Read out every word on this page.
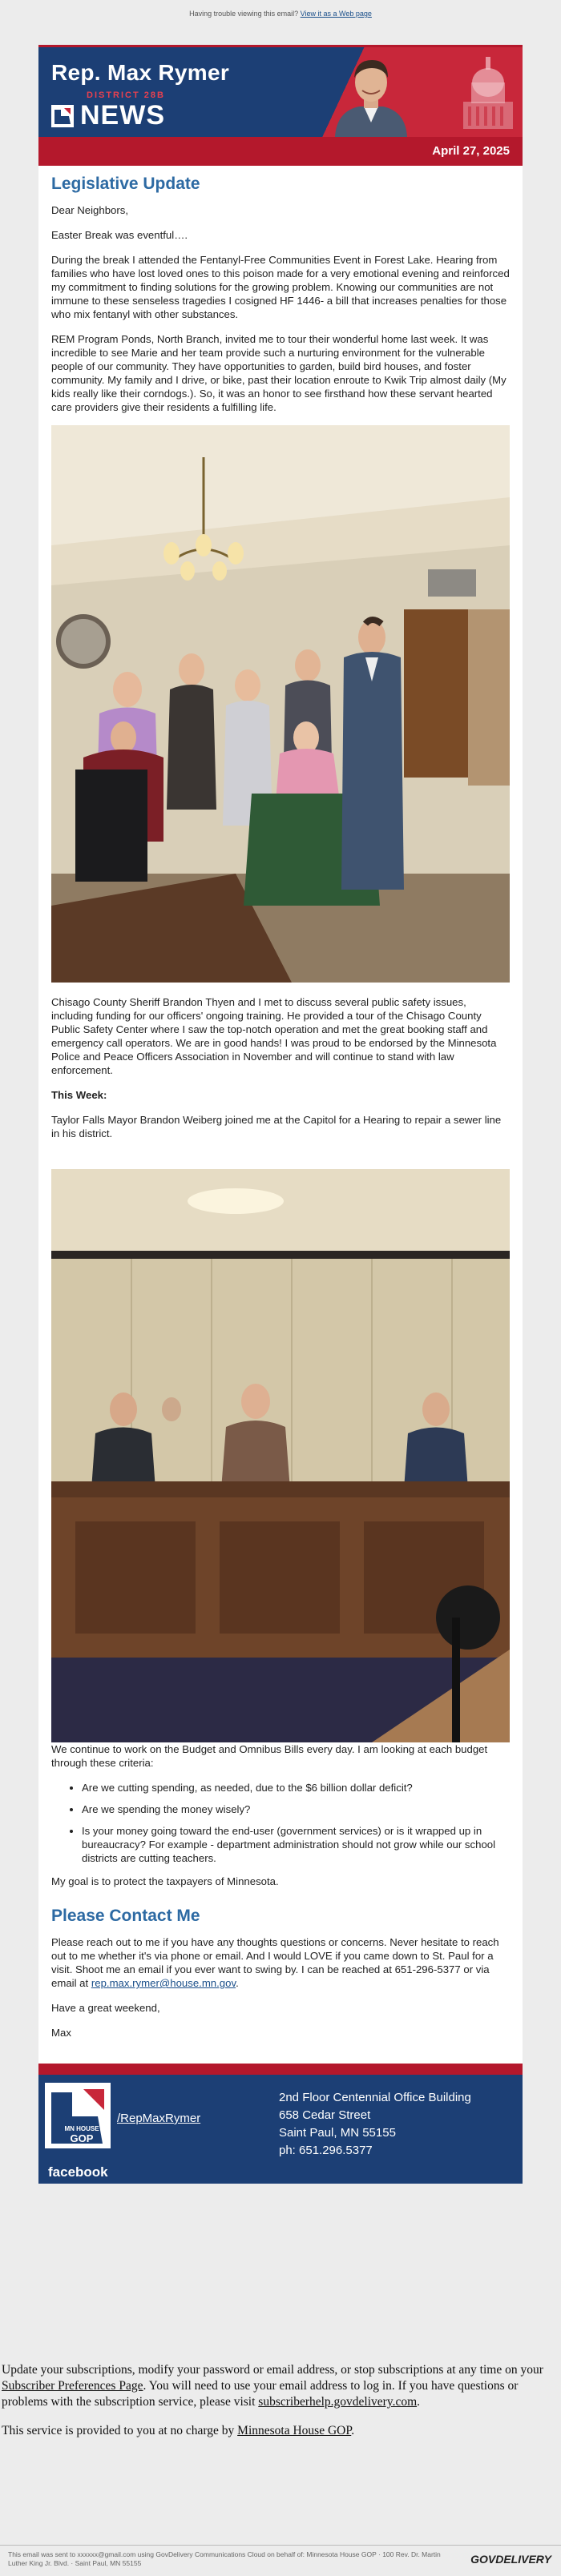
Having trouble viewing this email? View it as a Web page
Rep. Max Rymer
DISTRICT 28B
NEWS
April 27, 2025
Legislative Update

Dear Neighbors,

Easter Break was eventful….

During the break I attended the Fentanyl-Free Communities Event in Forest Lake. Hearing from families who have lost loved ones to this poison made for a very emotional evening and reinforced my commitment to finding solutions for the growing problem. Knowing our communities are not immune to these senseless tragedies I cosigned HF 1446- a bill that increases penalties for those who mix fentanyl with other substances.

REM Program Ponds, North Branch, invited me to tour their wonderful home last week. It was incredible to see Marie and her team provide such a nurturing environment for the vulnerable people of our community. They have opportunities to garden, build bird houses, and foster community. My family and I drive, or bike, past their location enroute to Kwik Trip almost daily (My kids really like their corndogs.). So, it was an honor to see firsthand how these servant hearted care providers give their residents a fulfilling life.

Chisago County Sheriff Brandon Thyen and I met to discuss several public safety issues, including funding for our officers' ongoing training. He provided a tour of the Chisago County Public Safety Center where I saw the top-notch operation and met the great booking staff and emergency call operators. We are in good hands! I was proud to be endorsed by the Minnesota Police and Peace Officers Association in November and will continue to stand with law enforcement.

This Week:

Taylor Falls Mayor Brandon Weiberg joined me at the Capitol for a Hearing to repair a sewer line in his district.

We continue to work on the Budget and Omnibus Bills every day. I am looking at each budget through these criteria:

• Are we cutting spending, as needed, due to the $6 billion dollar deficit?
• Are we spending the money wisely?
• Is your money going toward the end-user (government services) or is it wrapped up in bureaucracy? For example - department administration should not grow while our school districts are cutting teachers.

My goal is to protect the taxpayers of Minnesota.

Please Contact Me

Please reach out to me if you have any thoughts questions or concerns. Never hesitate to reach out to me whether it's via phone or email. And I would LOVE if you came down to St. Paul for a visit. Shoot me an email if you ever want to swing by. I can be reached at 651-296-5377 or via email at rep.max.rymer@house.mn.gov.

Have a great weekend,

Max

MN HOUSE
GOP
/RepMaxRymer
facebook
2nd Floor Centennial Office Building
658 Cedar Street
Saint Paul, MN 55155
ph: 651.296.5377

Update your subscriptions, modify your password or email address, or stop subscriptions at any time on your Subscriber Preferences Page. You will need to use your email address to log in. If you have questions or problems with the subscription service, please visit subscriberhelp.govdelivery.com.

This service is provided to you at no charge by Minnesota House GOP.

This email was sent to xxxxxx@gmail.com using GovDelivery Communications Cloud on behalf of: Minnesota House GOP · 100 Rev. Dr. Martin Luther King Jr. Blvd. · Saint Paul, MN 55155	GOVDELIVERY
